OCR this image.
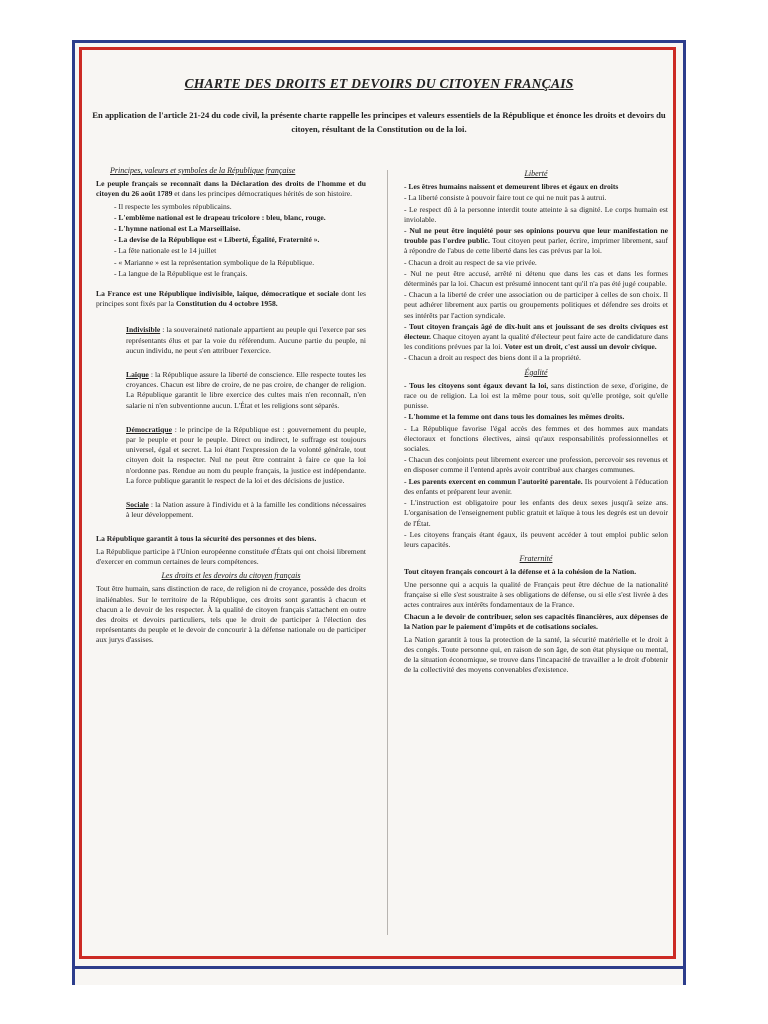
CHARTE DES DROITS ET DEVOIRS DU CITOYEN FRANÇAIS
En application de l'article 21-24 du code civil, la présente charte rappelle les principes et valeurs essentiels de la République et énonce les droits et devoirs du citoyen, résultant de la Constitution ou de la loi.
Principes, valeurs et symboles de la République française
Le peuple français se reconnaît dans la Déclaration des droits de l'homme et du citoyen du 26 août 1789 et dans les principes démocratiques hérités de son histoire.
- Il respecte les symboles républicains.
- L'emblème national est le drapeau tricolore : bleu, blanc, rouge.
- L'hymne national est La Marseillaise.
- La devise de la République est « Liberté, Égalité, Fraternité ».
- La fête nationale est le 14 juillet
- « Marianne » est la représentation symbolique de la République.
- La langue de la République est le français.
La France est une République indivisible, laïque, démocratique et sociale dont les principes sont fixés par la Constitution du 4 octobre 1958.
Indivisible : la souveraineté nationale appartient au peuple qui l'exerce par ses représentants élus et par la voie du référendum. Aucune partie du peuple, ni aucun individu, ne peut s'en attribuer l'exercice.
Laïque : la République assure la liberté de conscience. Elle respecte toutes les croyances. Chacun est libre de croire, de ne pas croire, de changer de religion. La République garantit le libre exercice des cultes mais n'en reconnaît, n'en salarie ni n'en subventionne aucun. L'État et les religions sont séparés.
Démocratique : le principe de la République est : gouvernement du peuple, par le peuple et pour le peuple. Direct ou indirect, le suffrage est toujours universel, égal et secret. La loi étant l'expression de la volonté générale, tout citoyen doit la respecter. Nul ne peut être contraint à faire ce que la loi n'ordonne pas. Rendue au nom du peuple français, la justice est indépendante. La force publique garantit le respect de la loi et des décisions de justice.
Sociale : la Nation assure à l'individu et à la famille les conditions nécessaires à leur développement.
La République garantit à tous la sécurité des personnes et des biens.
La République participe à l'Union européenne constituée d'États qui ont choisi librement d'exercer en commun certaines de leurs compétences.
Les droits et les devoirs du citoyen français
Tout être humain, sans distinction de race, de religion ni de croyance, possède des droits inaliénables. Sur le territoire de la République, ces droits sont garantis à chacun et chacun a le devoir de les respecter. À la qualité de citoyen français s'attachent en outre des droits et devoirs particuliers, tels que le droit de participer à l'élection des représentants du peuple et le devoir de concourir à la défense nationale ou de participer aux jurys d'assises.
Liberté
- Les êtres humains naissent et demeurent libres et égaux en droits
- La liberté consiste à pouvoir faire tout ce qui ne nuit pas à autrui.
- Le respect dû à la personne interdit toute atteinte à sa dignité. Le corps humain est inviolable.
- Nul ne peut être inquiété pour ses opinions pourvu que leur manifestation ne trouble pas l'ordre public. Tout citoyen peut parler, écrire, imprimer librement, sauf à répondre de l'abus de cette liberté dans les cas prévus par la loi.
- Chacun a droit au respect de sa vie privée.
- Nul ne peut être accusé, arrêté ni détenu que dans les cas et dans les formes déterminés par la loi. Chacun est présumé innocent tant qu'il n'a pas été jugé coupable.
- Chacun a la liberté de créer une association ou de participer à celles de son choix. Il peut adhérer librement aux partis ou groupements politiques et défendre ses droits et ses intérêts par l'action syndicale.
- Tout citoyen français âgé de dix-huit ans et jouissant de ses droits civiques est électeur. Chaque citoyen ayant la qualité d'électeur peut faire acte de candidature dans les conditions prévues par la loi. Voter est un droit, c'est aussi un devoir civique.
- Chacun a droit au respect des biens dont il a la propriété.
Égalité
- Tous les citoyens sont égaux devant la loi, sans distinction de sexe, d'origine, de race ou de religion. La loi est la même pour tous, soit qu'elle protège, soit qu'elle punisse.
- L'homme et la femme ont dans tous les domaines les mêmes droits.
- La République favorise l'égal accès des femmes et des hommes aux mandats électoraux et fonctions électives, ainsi qu'aux responsabilités professionnelles et sociales.
- Chacun des conjoints peut librement exercer une profession, percevoir ses revenus et en disposer comme il l'entend après avoir contribué aux charges communes.
- Les parents exercent en commun l'autorité parentale. Ils pourvoient à l'éducation des enfants et préparent leur avenir.
- L'instruction est obligatoire pour les enfants des deux sexes jusqu'à seize ans. L'organisation de l'enseignement public gratuit et laïque à tous les degrés est un devoir de l'État.
- Les citoyens français étant égaux, ils peuvent accéder à tout emploi public selon leurs capacités.
Fraternité
Tout citoyen français concourt à la défense et à la cohésion de la Nation.
Une personne qui a acquis la qualité de Français peut être déchue de la nationalité française si elle s'est soustraite à ses obligations de défense, ou si elle s'est livrée à des actes contraires aux intérêts fondamentaux de la France.
Chacun a le devoir de contribuer, selon ses capacités financières, aux dépenses de la Nation par le paiement d'impôts et de cotisations sociales.
La Nation garantit à tous la protection de la santé, la sécurité matérielle et le droit à des congés. Toute personne qui, en raison de son âge, de son état physique ou mental, de la situation économique, se trouve dans l'incapacité de travailler a le droit d'obtenir de la collectivité des moyens convenables d'existence.
